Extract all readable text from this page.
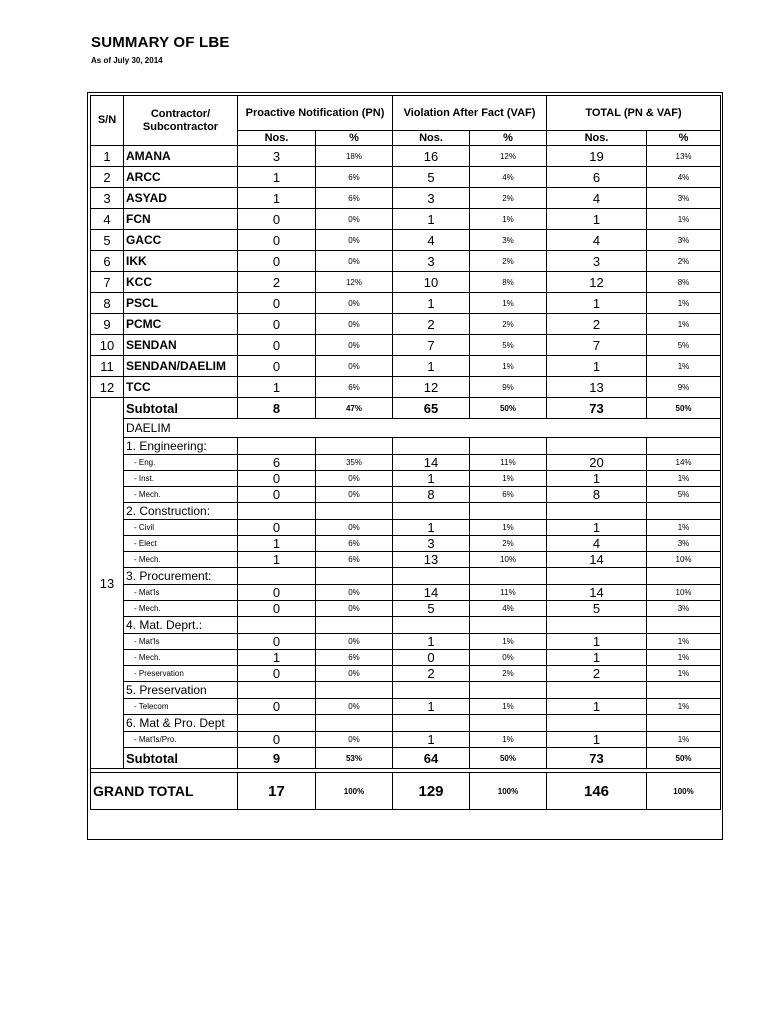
SUMMARY OF LBE
As of July 30, 2014
S/N	Contractor/ Subcontractor	Proactive Notification (PN)		Violation After Fact (VAF)		TOTAL (PN & VAF)	
		Nos.	%	Nos.	%	Nos.	%
1	AMANA	3	18%	16	12%	19	13%
2	ARCC	1	6%	5	4%	6	4%
3	ASYAD	1	6%	3	2%	4	3%
4	FCN	0	0%	1	1%	1	1%
5	GACC	0	0%	4	3%	4	3%
6	IKK	0	0%	3	2%	3	2%
7	KCC	2	12%	10	8%	12	8%
8	PSCL	0	0%	1	1%	1	1%
9	PCMC	0	0%	2	2%	2	1%
10	SENDAN	0	0%	7	5%	7	5%
11	SENDAN/DAELIM	0	0%	1	1%	1	1%
12	TCC	1	6%	12	9%	13	9%
13	Subtotal	8	47%	65	50%	73	50%
	DAELIM						
	1. Engineering:						
	- Eng.	6	35%	14	11%	20	14%
	- Inst.	0	0%	1	1%	1	1%
	- Mech.	0	0%	8	6%	8	5%
	2. Construction:						
	- Civil	0	0%	1	1%	1	1%
	- Elect	1	6%	3	2%	4	3%
	- Mech.	1	6%	13	10%	14	10%
	3. Procurement:						
	- Mat'ls	0	0%	14	11%	14	10%
	- Mech.	0	0%	5	4%	5	3%
	4. Mat. Deprt.:						
	- Mat'ls	0	0%	1	1%	1	1%
	- Mech.	1	6%	0	0%	1	1%
	- Preservation	0	0%	2	2%	2	1%
	5. Preservation						
	- Telecom	0	0%	1	1%	1	1%
	6. Mat & Pro. Dept						
	- Mat'ls/Pro.	0	0%	1	1%	1	1%
	Subtotal	9	53%	64	50%	73	50%

GRAND TOTAL		17	100%	129	100%	146	100%
